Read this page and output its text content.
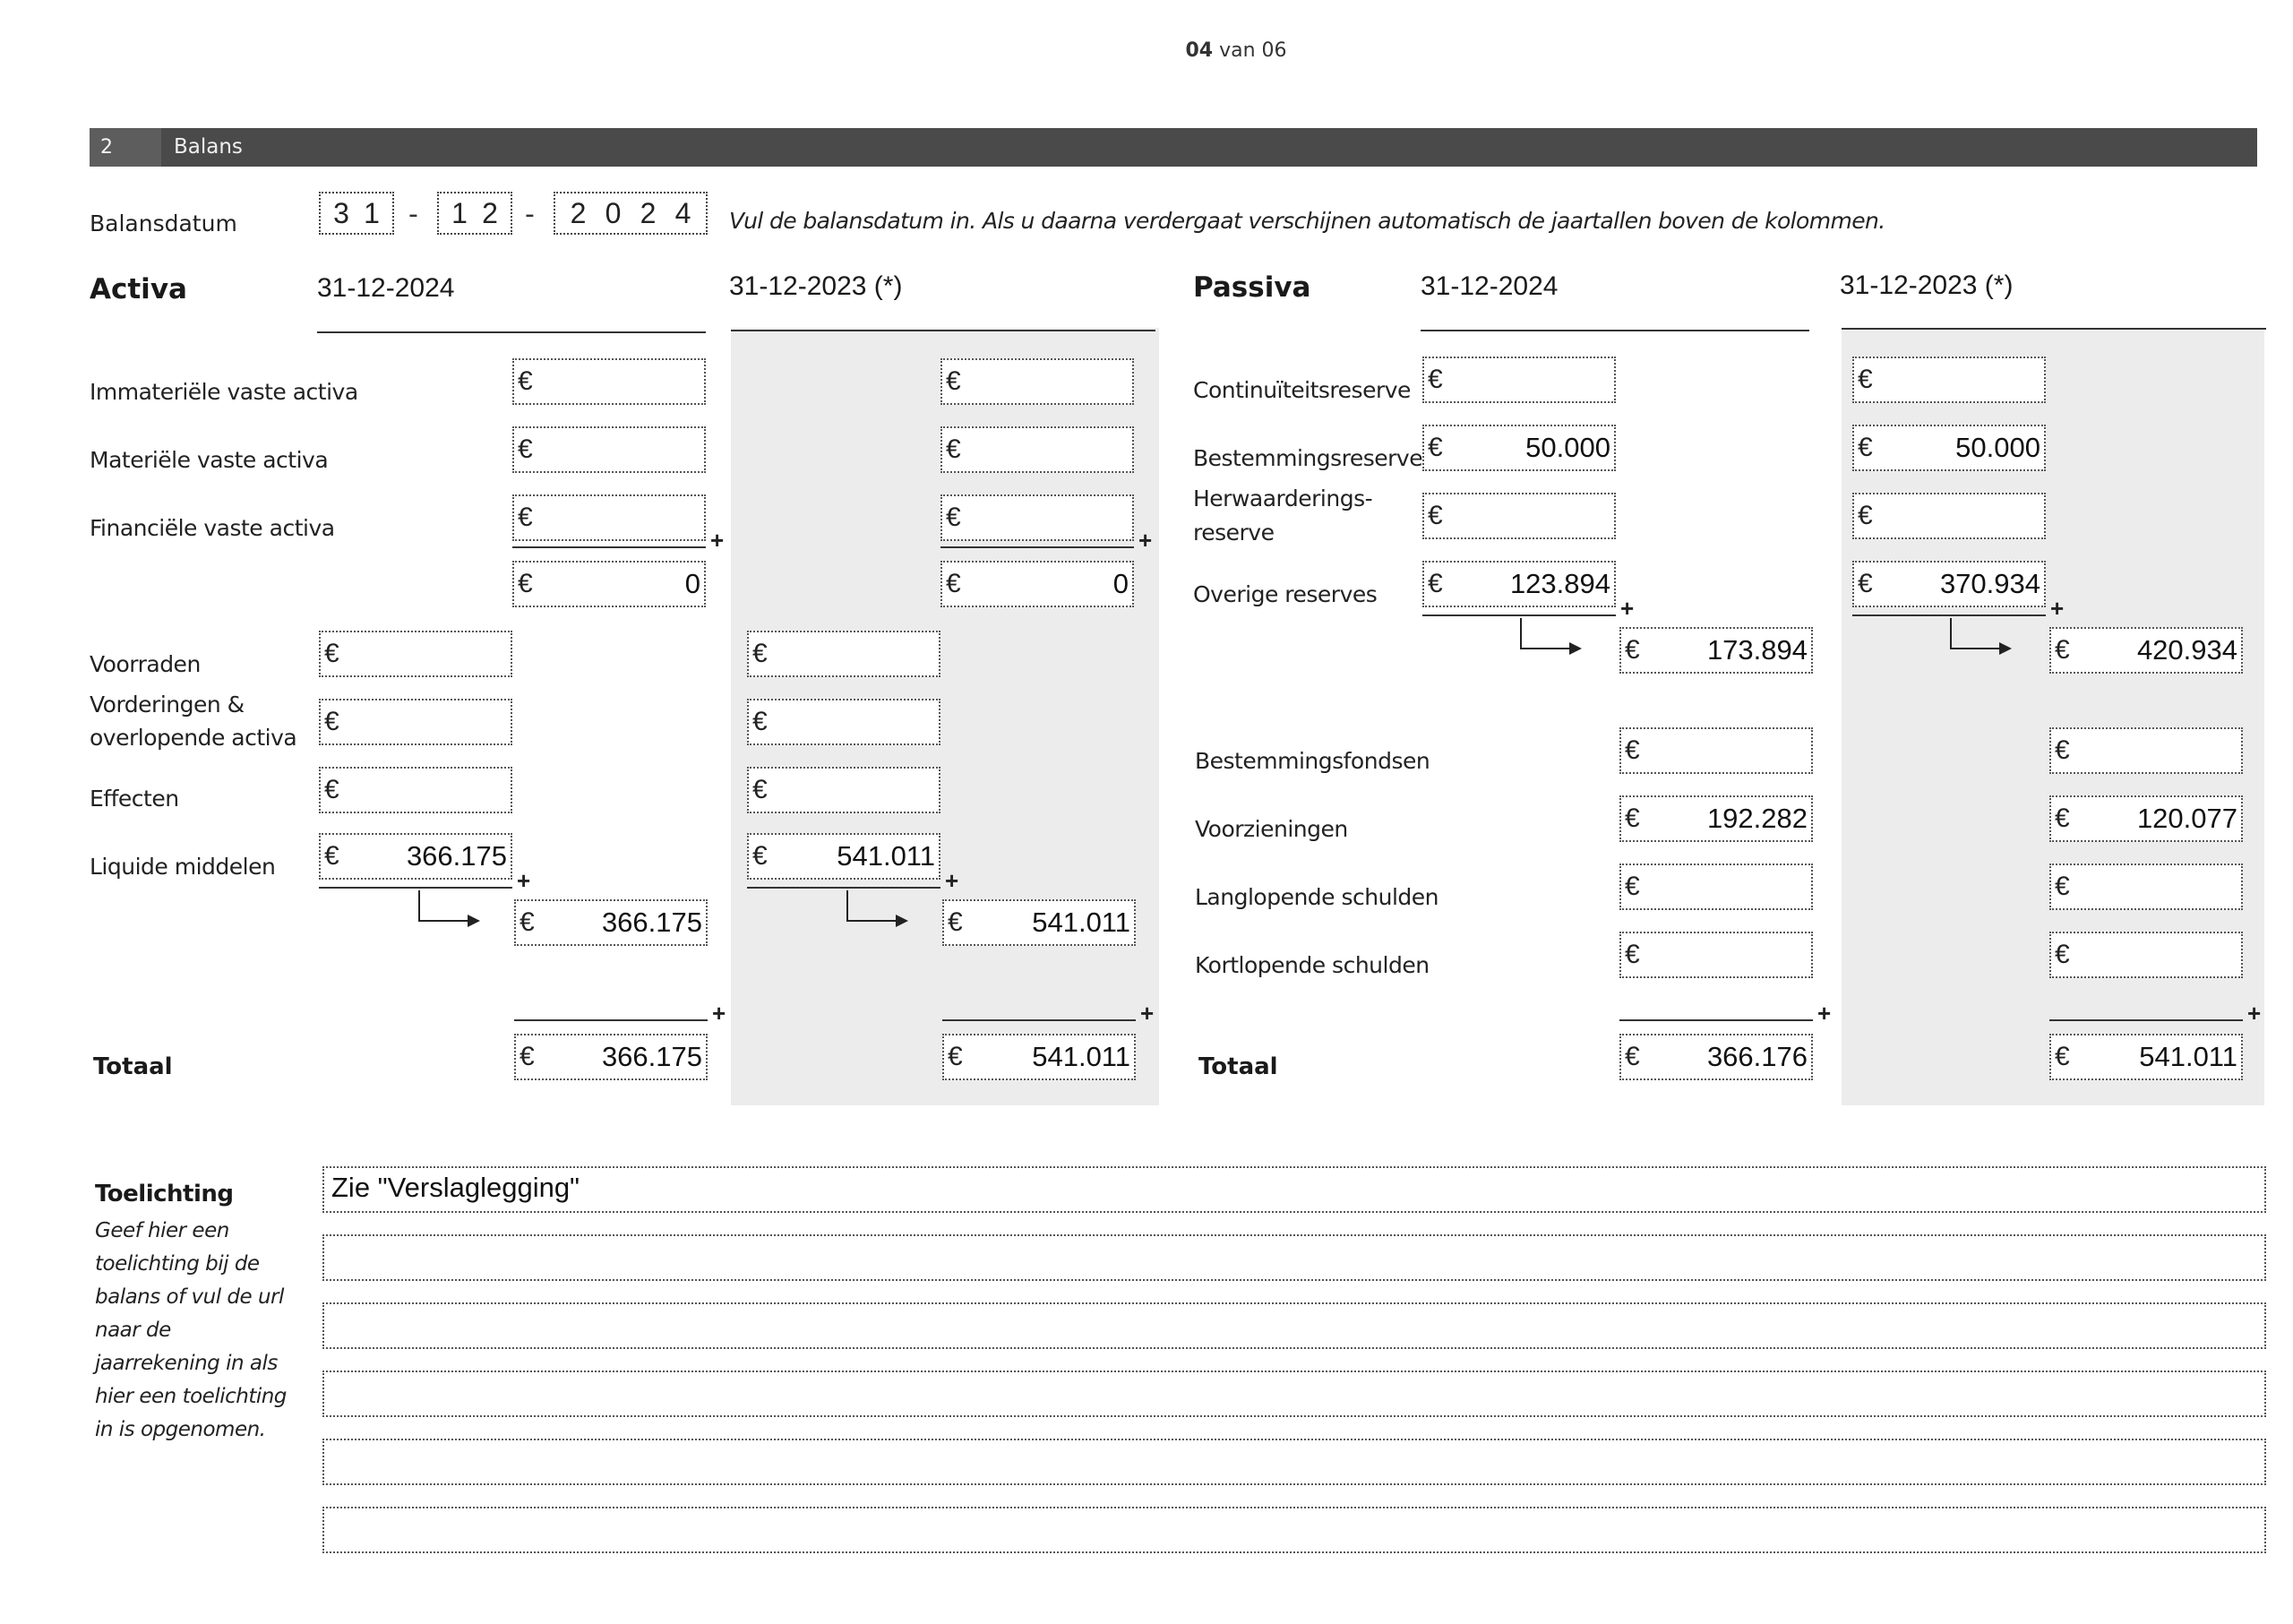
04 van 06
2	Balans
Balansdatum	3 1 - 1 2 - 2 0 2 4 Vul de balansdatum in. Als u daarna verdergaat verschijnen automatisch de jaartallen boven de kolommen.
Activa	31-12-2024	31-12-2023 (*)	Passiva	31-12-2024	31-12-2023 (*)
Immateriële vaste activa	€	€
Materiële vaste activa	€	€
Financiële vaste activa	€	€
+	+
€	0	€	0
Voorraden	€	€
Vorderingen &
overlopende activa
€	€
Effecten	€	€
Liquide middelen €	366.175	€	541.011
+	+
€	366.175	€	541.011
+	+
Totaal	€	366.175	€	541.011
Continuïteitsreserve €	€
Bestemmingsreserve €	50.000	€	50.000
Herwaarderings-
reserve
€	€
Overige reserves €	123.894	€	370.934
+	+
€	173.894	€	420.934
Bestemmingsfondsen	€	€
Voorzieningen	€	192.282	€	120.077
Langlopende schulden	€	€
Kortlopende schulden	€	€
+	+
Totaal	€	366.176	€	541.011
Toelichting
Geef hier een toelichting bij de balans of vul de url naar de jaarrekening in als hier een toelichting in is opgenomen.
Zie "Verslaglegging"
